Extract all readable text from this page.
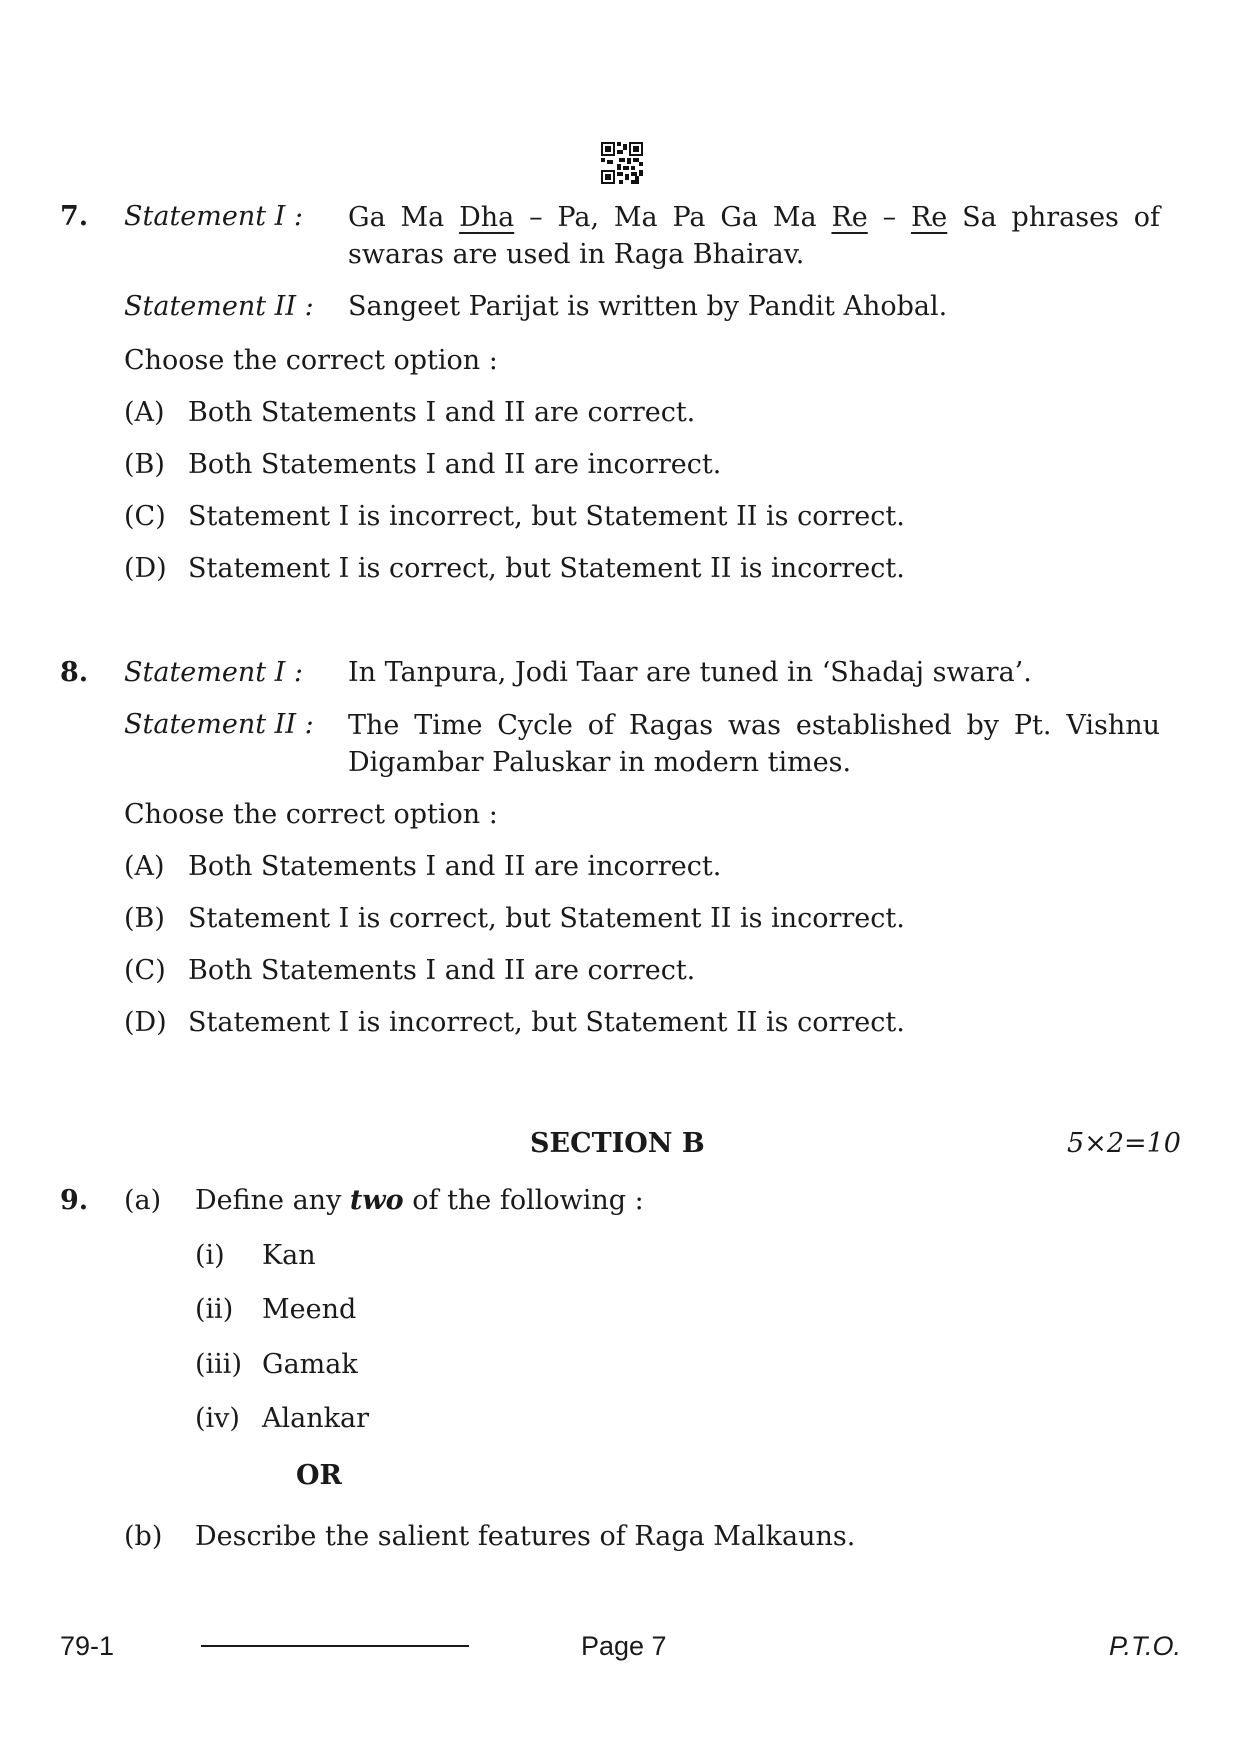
7. Statement I : Ga Ma Dha – Pa, Ma Pa Ga Ma Re – Re Sa phrases of swaras are used in Raga Bhairav.
Statement II : Sangeet Parijat is written by Pandit Ahobal.
Choose the correct option :
(A) Both Statements I and II are correct.
(B) Both Statements I and II are incorrect.
(C) Statement I is incorrect, but Statement II is correct.
(D) Statement I is correct, but Statement II is incorrect.
8. Statement I : In Tanpura, Jodi Taar are tuned in ‘Shadaj swara’.
Statement II : The Time Cycle of Ragas was established by Pt. Vishnu Digambar Paluskar in modern times.
Choose the correct option :
(A) Both Statements I and II are incorrect.
(B) Statement I is correct, but Statement II is incorrect.
(C) Both Statements I and II are correct.
(D) Statement I is incorrect, but Statement II is correct.
SECTION B	5×2=10
9. (a) Define any two of the following :
(i) Kan
(ii) Meend
(iii) Gamak
(iv) Alankar
OR
(b) Describe the salient features of Raga Malkauns.
79-1	Page 7	P.T.O.
